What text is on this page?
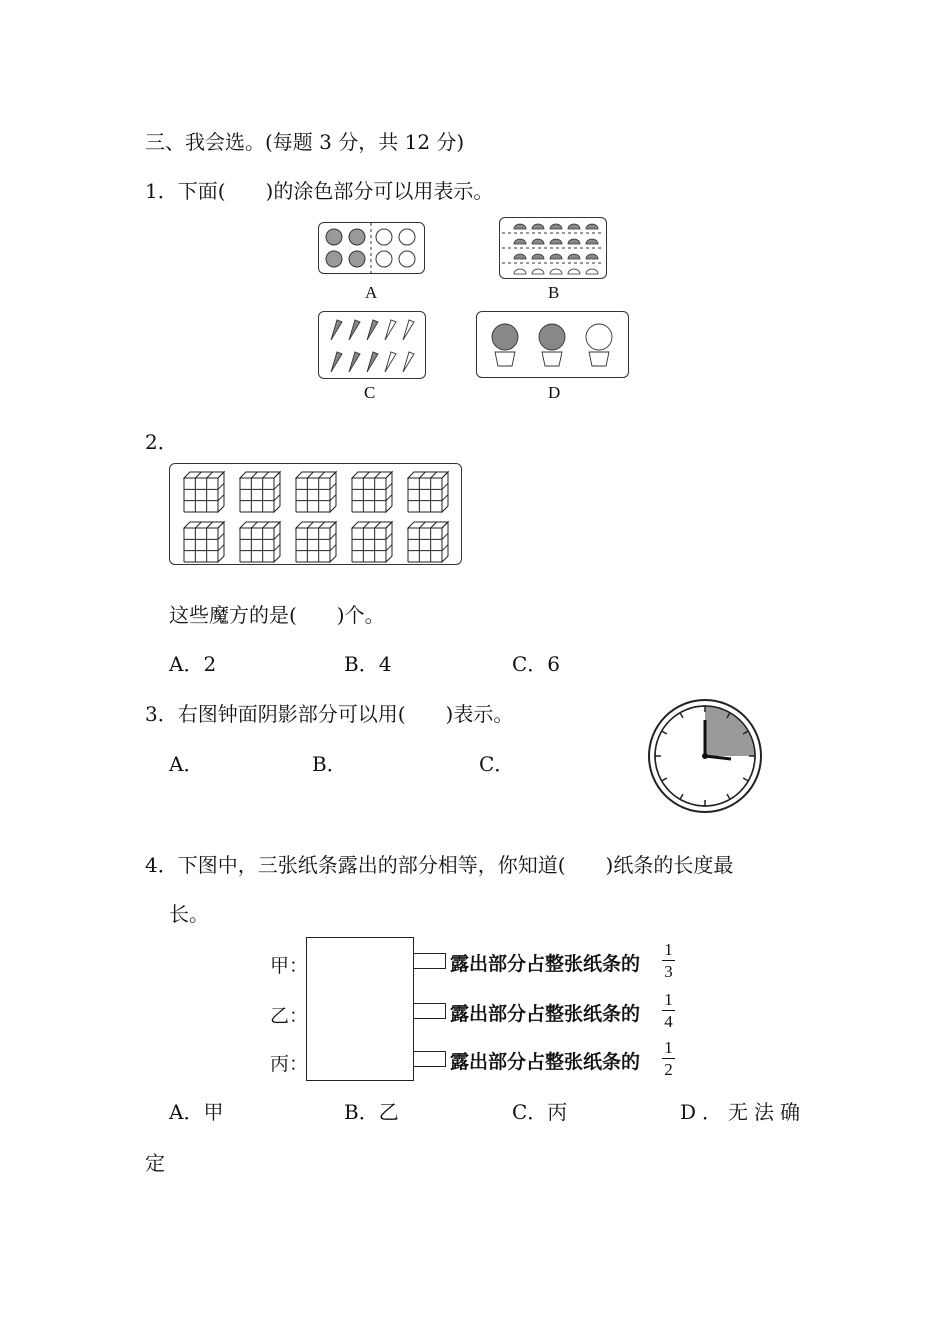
三、我会选。(每题 3 分，共 12 分)
1．下面(　　)的涂色部分可以用表示。
A	B
C	D
2．
这些魔方的是(　　)个。
A．2	B．4	C．6
3．右图钟面阴影部分可以用(　　)表示。
A．	B．	C．
4．下图中，三张纸条露出的部分相等，你知道(　　)纸条的长度最
长。
甲：	露出部分占整张纸条的
1
3
乙：	露出部分占整张纸条的
1
4
丙：	露出部分占整张纸条的
1
2
A．甲	B．乙	C．丙	D．无法确
定
